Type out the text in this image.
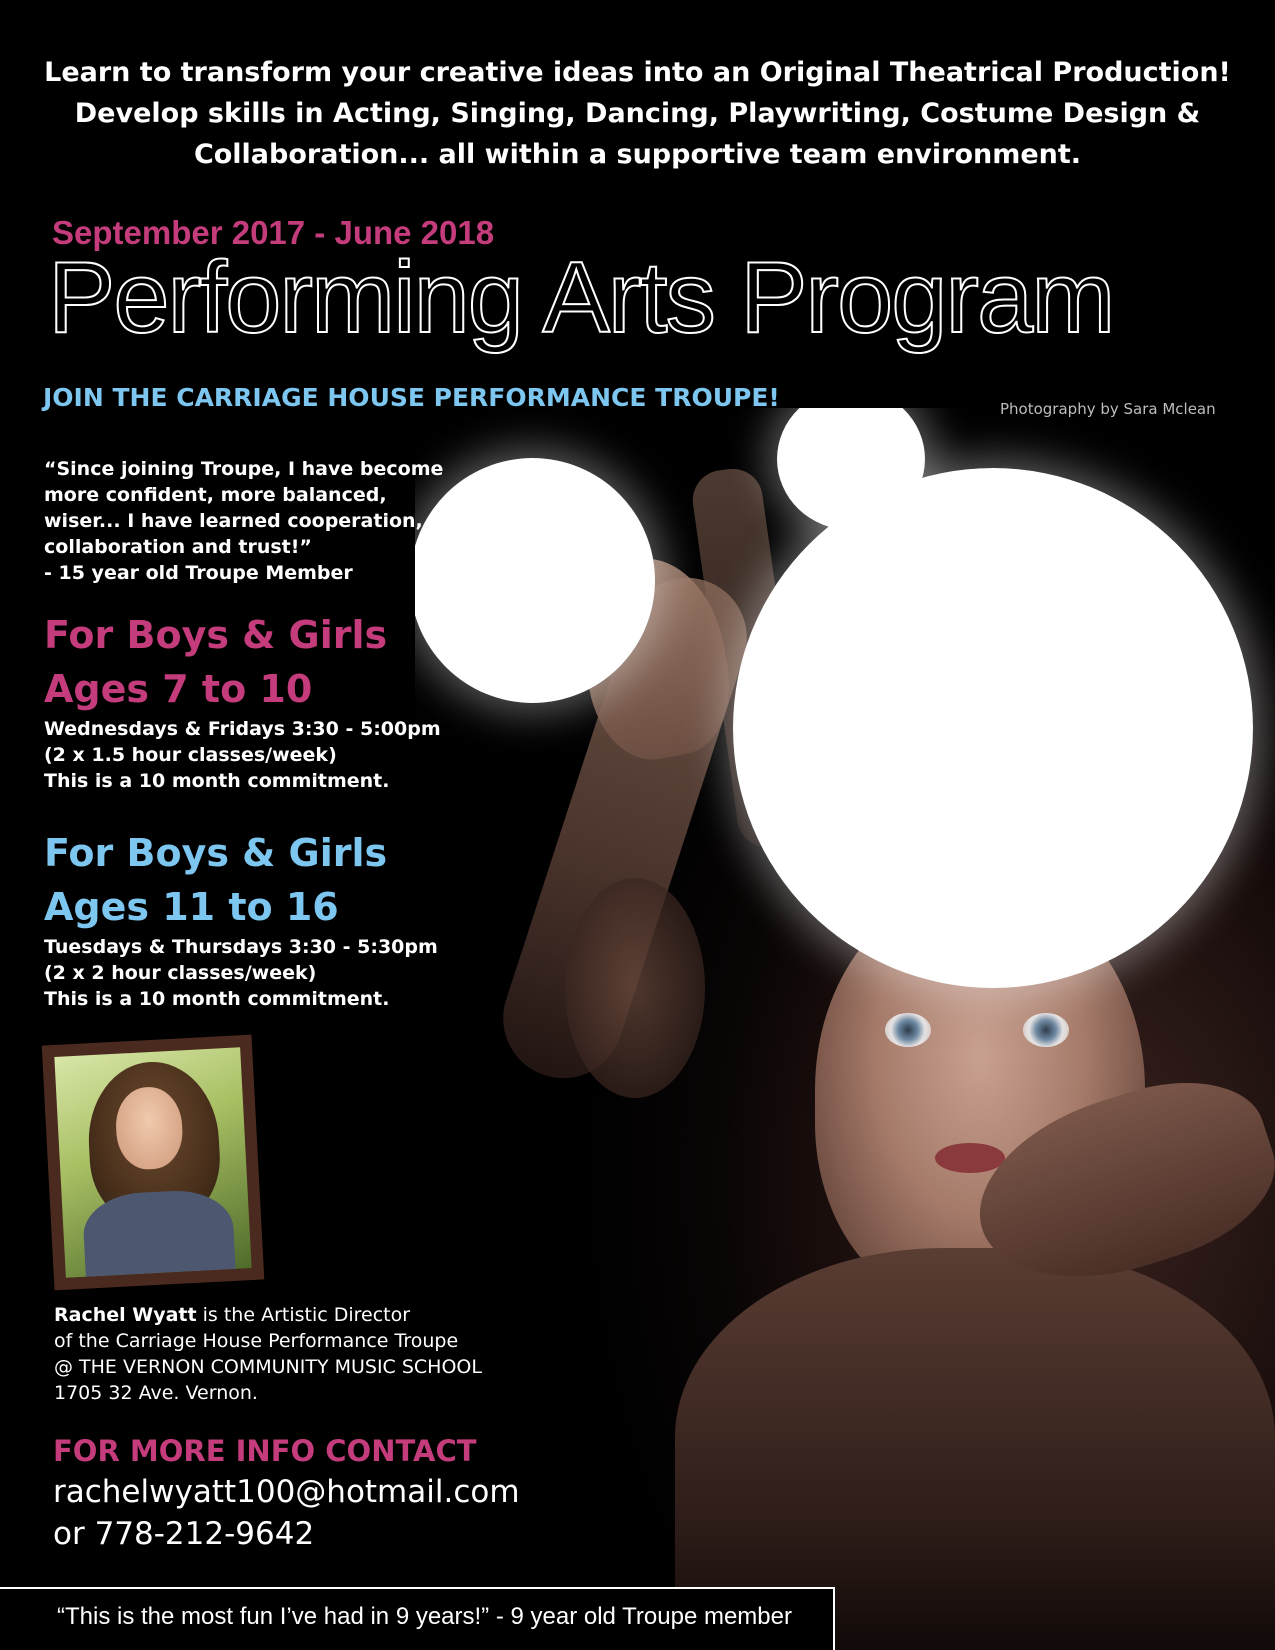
Learn to transform your creative ideas into an Original Theatrical Production!
Develop skills in Acting, Singing, Dancing, Playwriting, Costume Design &
Collaboration... all within a supportive team environment.
September 2017 - June 2018
Performing Arts Program
JOIN THE CARRIAGE HOUSE PERFORMANCE TROUPE!	Photography by Sara Mclean
“Since joining Troupe, I have become
more confident, more balanced,
wiser... I have learned cooperation,
collaboration and trust!”
- 15 year old Troupe Member
For Boys & Girls
Ages 7 to 10
Wednesdays & Fridays 3:30 - 5:00pm
(2 x 1.5 hour classes/week)
This is a 10 month commitment.
For Boys & Girls
Ages 11 to 16
Tuesdays & Thursdays 3:30 - 5:30pm
(2 x 2 hour classes/week)
This is a 10 month commitment.
Rachel Wyatt is the Artistic Director
of the Carriage House Performance Troupe
@ THE VERNON COMMUNITY MUSIC SCHOOL
1705 32 Ave. Vernon.
FOR MORE INFO CONTACT
rachelwyatt100@hotmail.com
or 778-212-9642
“This is the most fun I’ve had in 9 years!” - 9 year old Troupe member
